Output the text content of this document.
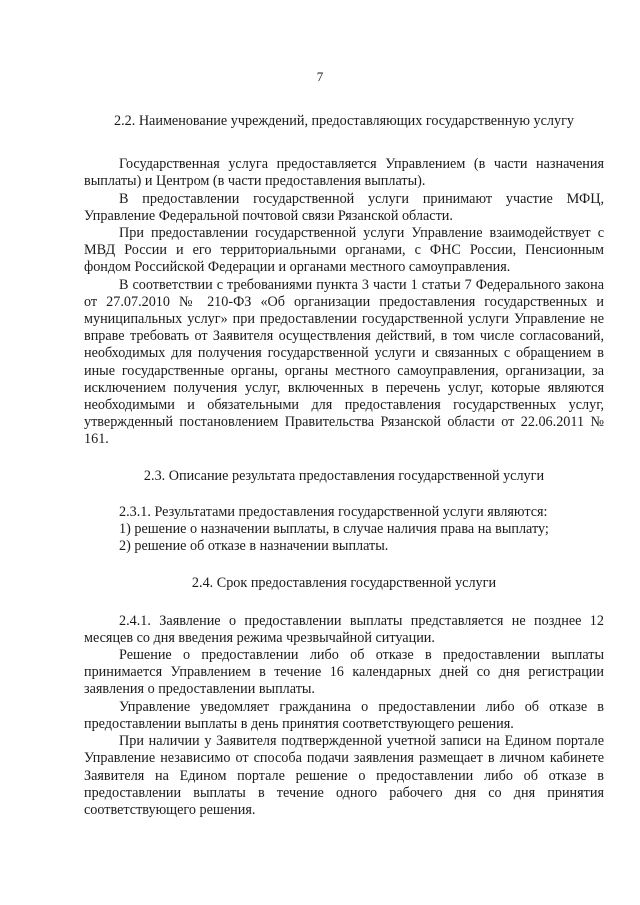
7
2.2. Наименование учреждений, предоставляющих государственную услугу

Государственная услуга предоставляется Управлением (в части назначения выплаты) и Центром (в части предоставления выплаты).

В предоставлении государственной услуги принимают участие МФЦ, Управление Федеральной почтовой связи Рязанской области.

При предоставлении государственной услуги Управление взаимодействует с МВД России и его территориальными органами, с ФНС России, Пенсионным фондом Российской Федерации и органами местного самоуправления.

В соответствии с требованиями пункта 3 части 1 статьи 7 Федерального закона от 27.07.2010 № 210-ФЗ «Об организации предоставления государственных и муниципальных услуг» при предоставлении государственной услуги Управление не вправе требовать от Заявителя осуществления действий, в том числе согласований, необходимых для получения государственной услуги и связанных с обращением в иные государственные органы, органы местного самоуправления, организации, за исключением получения услуг, включенных в перечень услуг, которые являются необходимыми и обязательными для предоставления государственных услуг, утвержденный постановлением Правительства Рязанской области от 22.06.2011 № 161.

2.3. Описание результата предоставления государственной услуги

2.3.1. Результатами предоставления государственной услуги являются:

1) решение о назначении выплаты, в случае наличия права на выплату;

2) решение об отказе в назначении выплаты.

2.4. Срок предоставления государственной услуги

2.4.1. Заявление о предоставлении выплаты представляется не позднее 12 месяцев со дня введения режима чрезвычайной ситуации.

Решение о предоставлении либо об отказе в предоставлении выплаты принимается Управлением в течение 16 календарных дней со дня регистрации заявления о предоставлении выплаты.

Управление уведомляет гражданина о предоставлении либо об отказе в предоставлении выплаты в день принятия соответствующего решения.

При наличии у Заявителя подтвержденной учетной записи на Едином портале Управление независимо от способа подачи заявления размещает в личном кабинете Заявителя на Едином портале решение о предоставлении либо об отказе в предоставлении выплаты в течение одного рабочего дня со дня принятия соответствующего решения.
